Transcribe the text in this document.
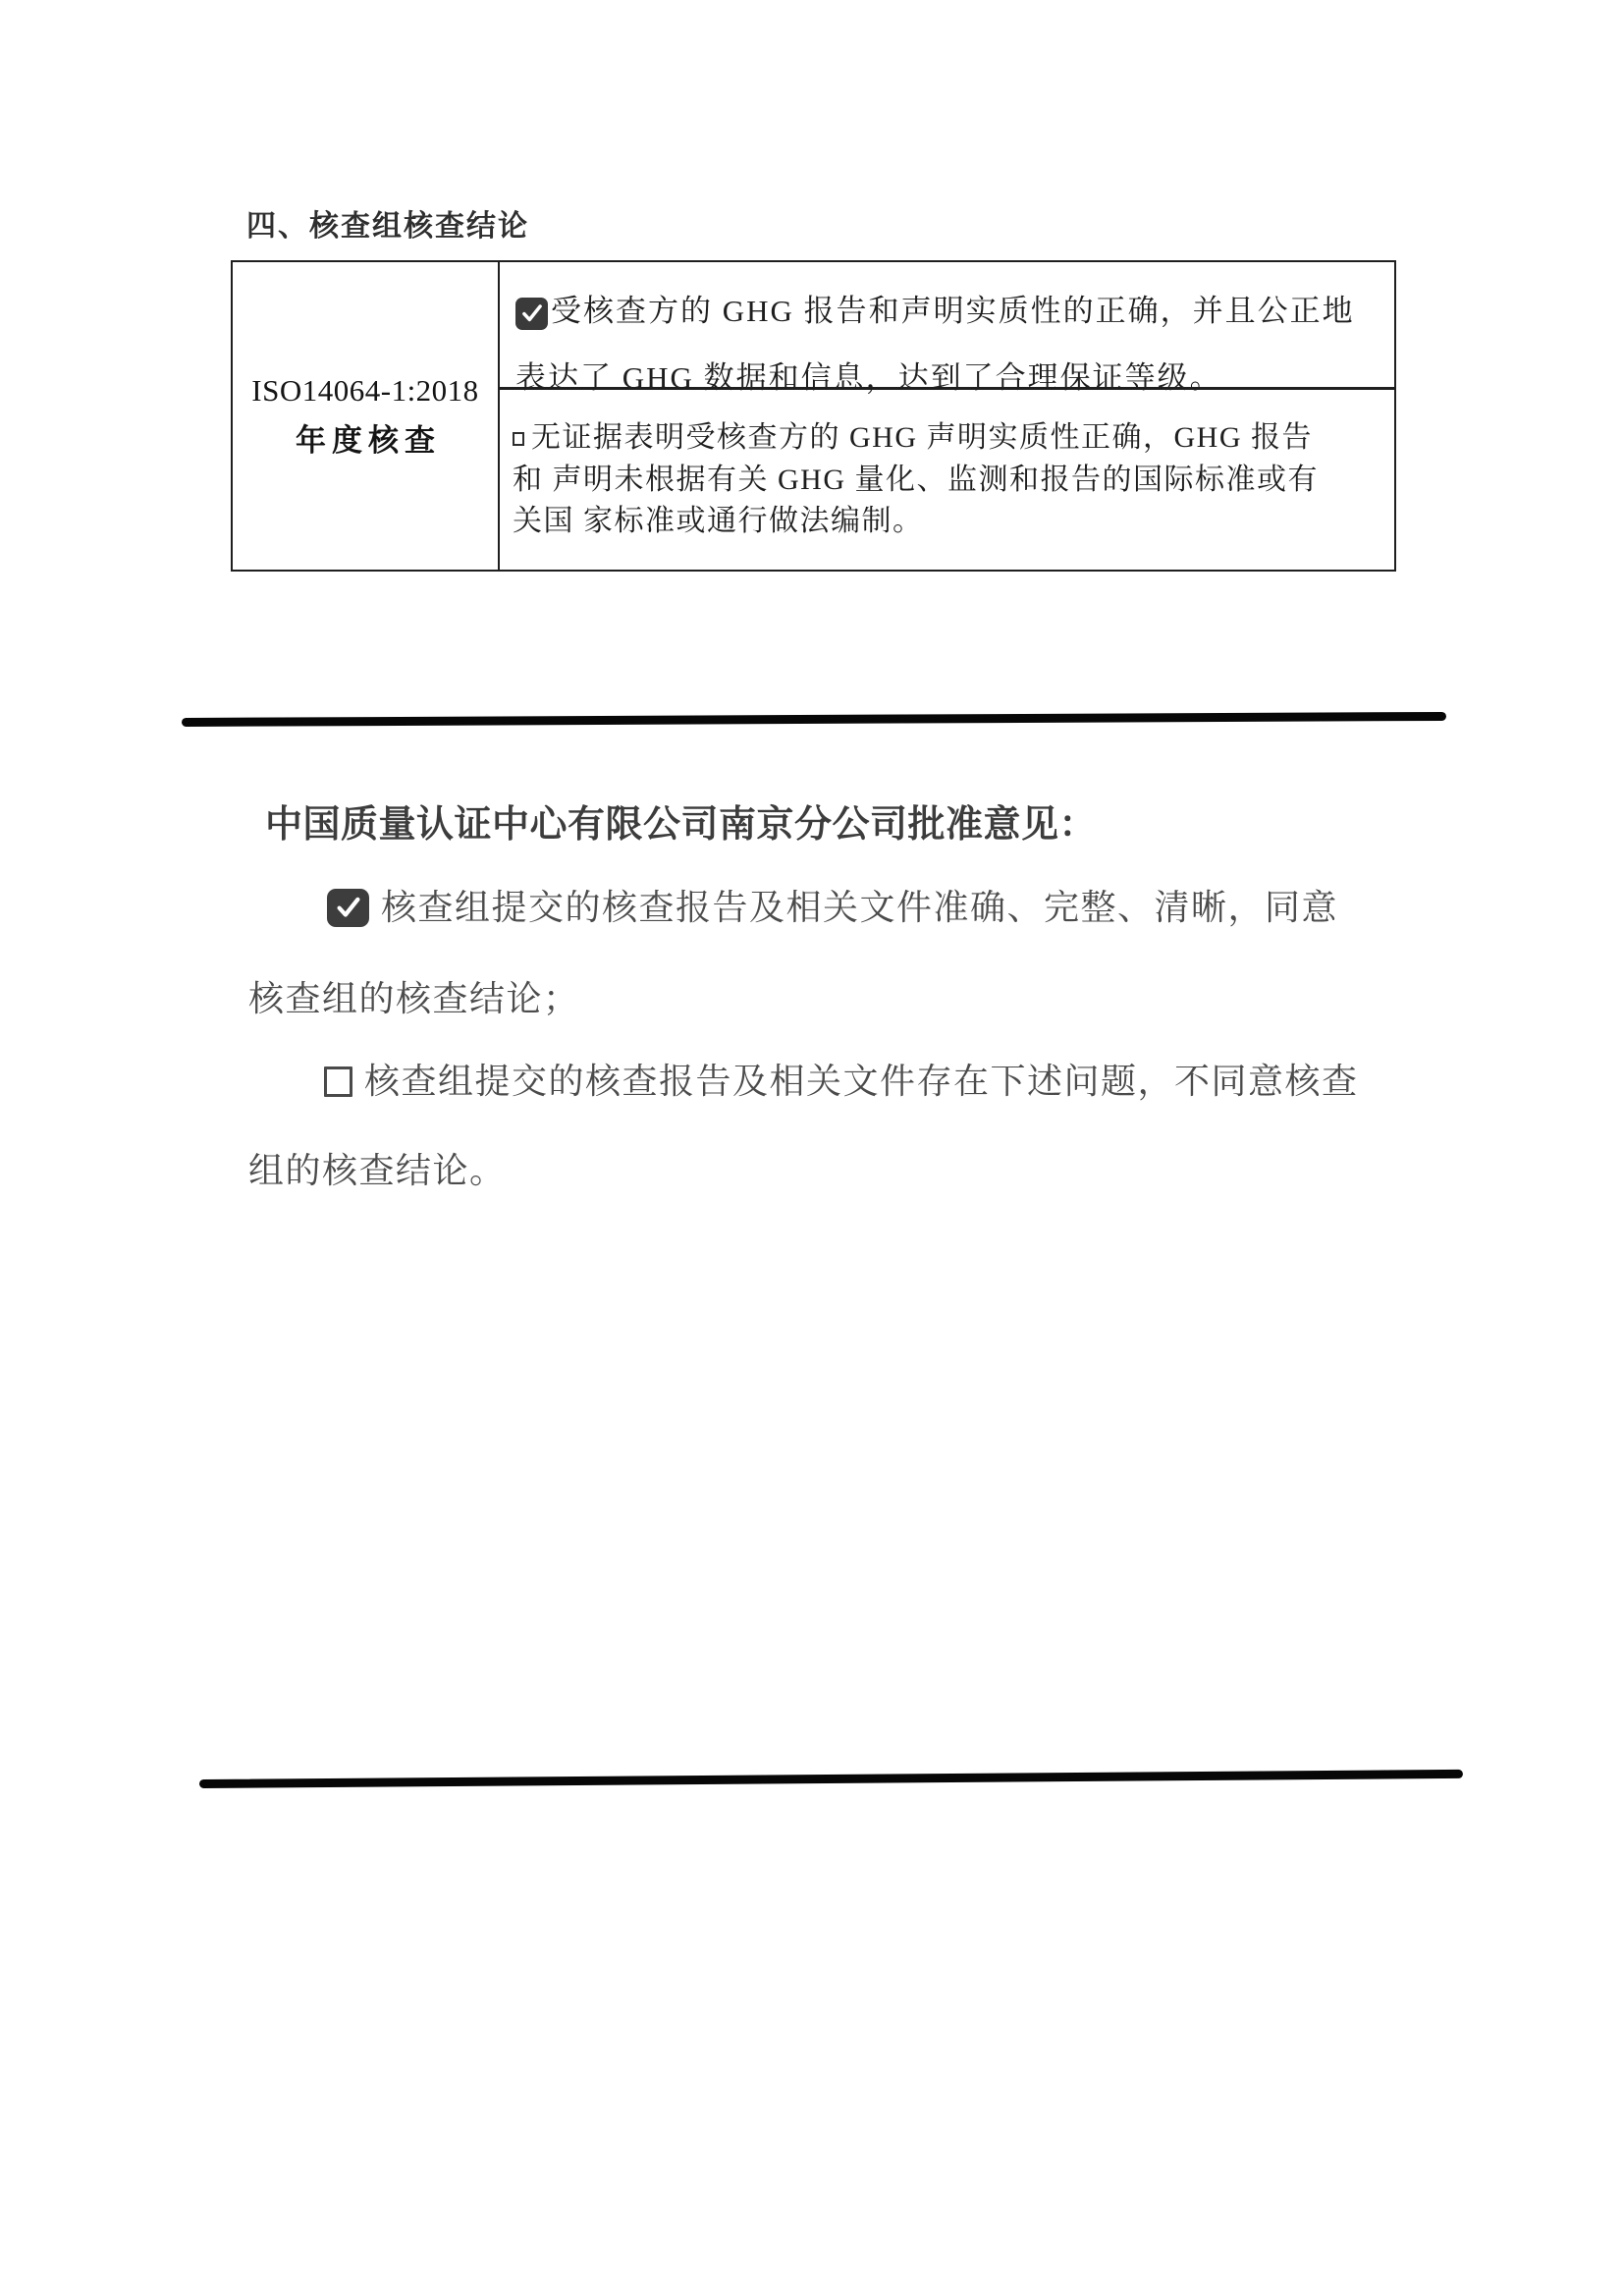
四、核查组核查结论
ISO14064-1:2018
年度核查
受核查方的 GHG 报告和声明实质性的正确，并且公正地
表达了 GHG 数据和信息，达到了合理保证等级。
无证据表明受核查方的 GHG 声明实质性正确，GHG 报告
和 声明未根据有关 GHG 量化、监测和报告的国际标准或有
关国 家标准或通行做法编制。
中国质量认证中心有限公司南京分公司批准意见：
核查组提交的核查报告及相关文件准确、完整、清晰，同意
核查组的核查结论；
核查组提交的核查报告及相关文件存在下述问题，不同意核查
组的核查结论。
